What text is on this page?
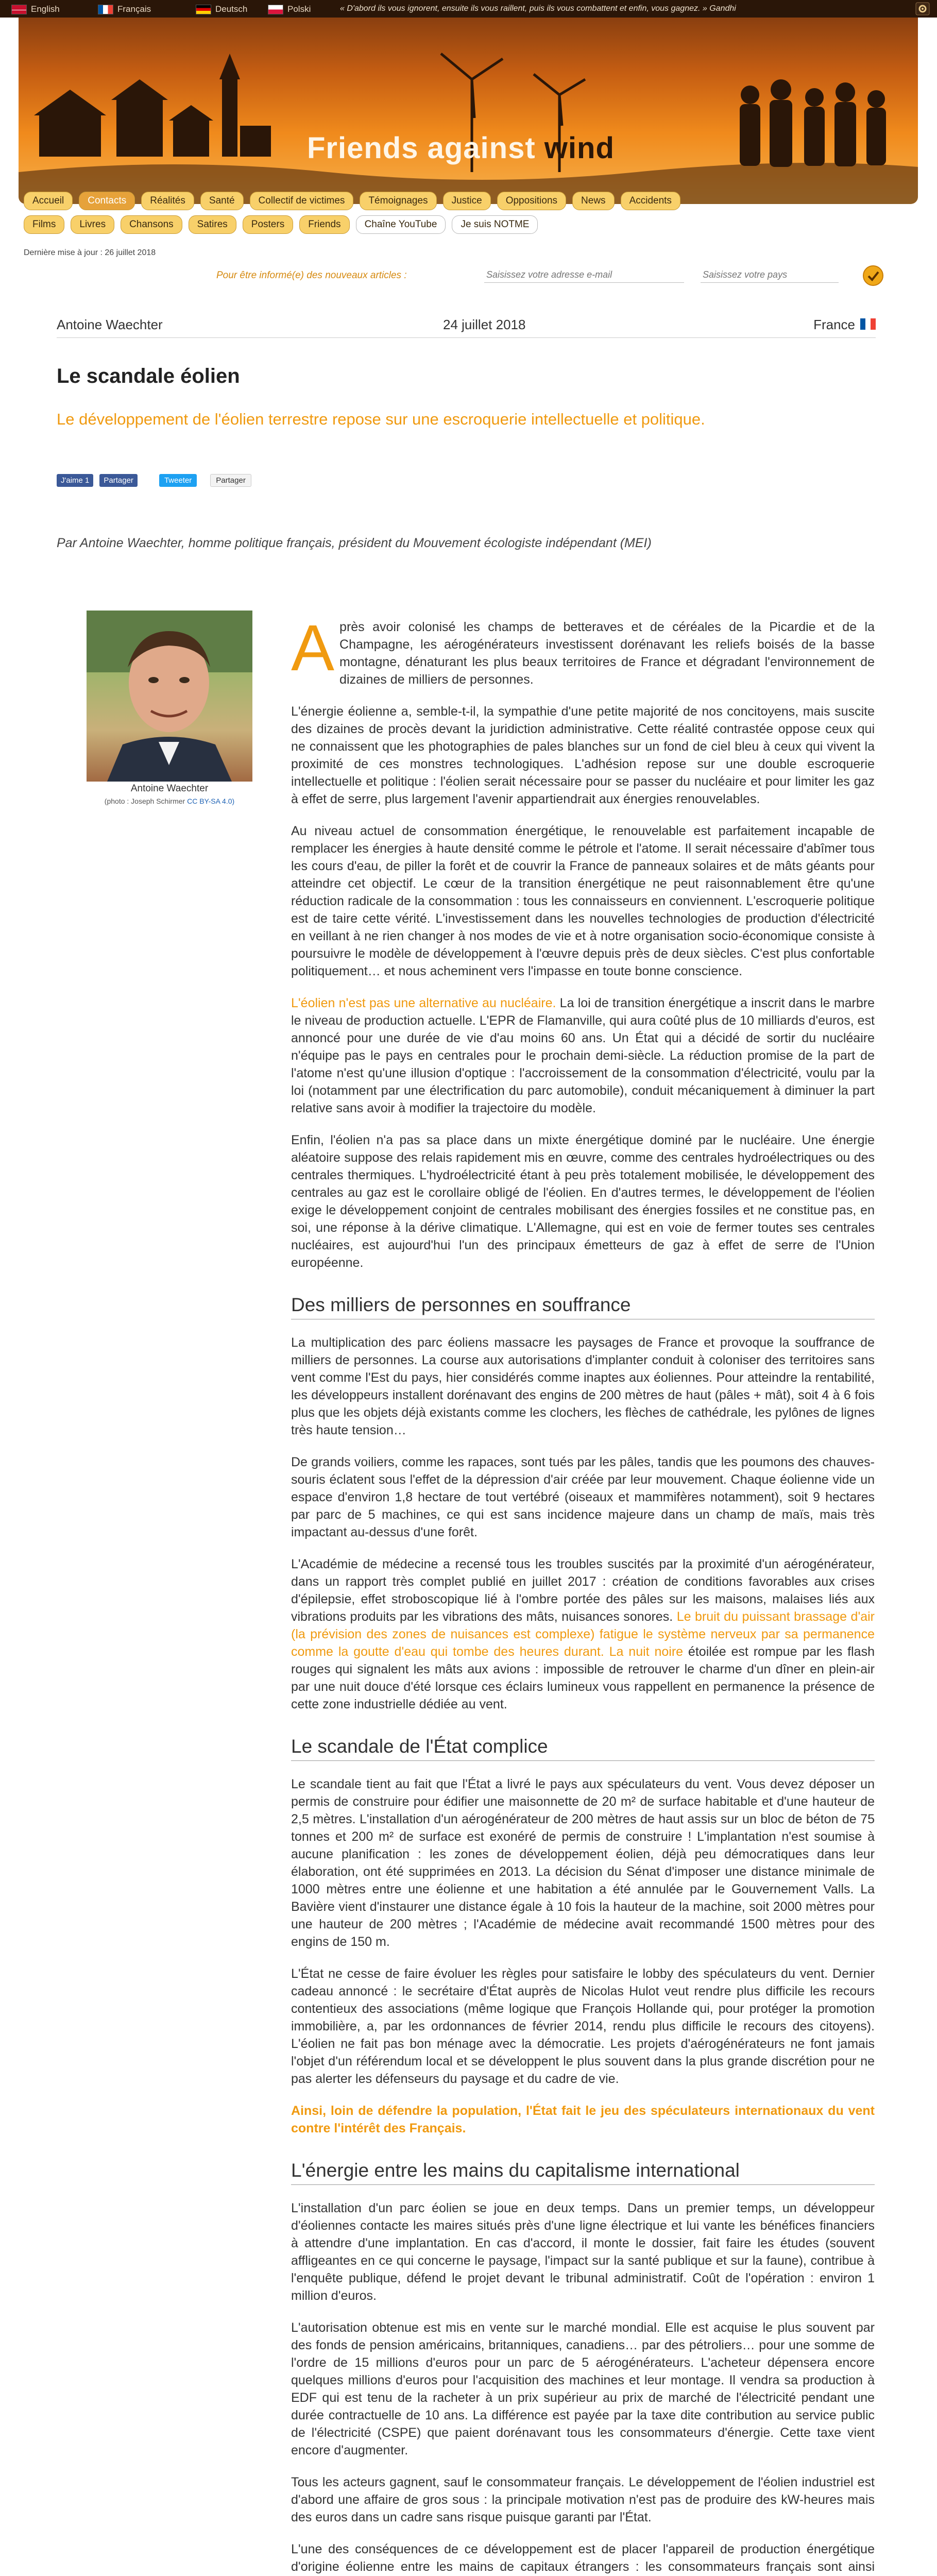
English	Français	Deutsch	Polski	« D'abord ils vous ignorent, ensuite ils vous raillent, puis ils vous combattent et enfin, vous gagnez. » Gandhi
Friends against wind
Accueil	Contacts	Réalités	Santé	Collectif de victimes	Témoignages	Justice	Oppositions	News	Accidents
Films	Livres	Chansons	Satires	Posters	Friends	Chaîne YouTube	Je suis NOTME
Dernière mise à jour : 26 juillet 2018
Pour être informé(e) des nouveaux articles :
Saisissez votre adresse e-mail
Saisissez votre pays
Antoine Waechter	24 juillet 2018	France
Le scandale éolien

Le développement de l'éolien terrestre repose sur une escroquerie intellectuelle et politique.

J'aime 1	Partager	Tweeter	Partager
Par Antoine Waechter, homme politique français, président du Mouvement écologiste indépendant (MEI)
Antoine Waechter
(photo : Joseph Schirmer CC BY-SA 4.0)

Après avoir colonisé les champs de betteraves et de céréales de la Picardie et de la Champagne, les aérogénérateurs investissent dorénavant les reliefs boisés de la basse montagne, dénaturant les plus beaux territoires de France et dégradant l'environnement de dizaines de milliers de personnes.

L'énergie éolienne a, semble-t-il, la sympathie d'une petite majorité de nos concitoyens, mais suscite des dizaines de procès devant la juridiction administrative. Cette réalité contrastée oppose ceux qui ne connaissent que les photographies de pales blanches sur un fond de ciel bleu à ceux qui vivent la proximité de ces monstres technologiques. L'adhésion repose sur une double escroquerie intellectuelle et politique : l'éolien serait nécessaire pour se passer du nucléaire et pour limiter les gaz à effet de serre, plus largement l'avenir appartiendrait aux énergies renouvelables.

Au niveau actuel de consommation énergétique, le renouvelable est parfaitement incapable de remplacer les énergies à haute densité comme le pétrole et l'atome. Il serait nécessaire d'abîmer tous les cours d'eau, de piller la forêt et de couvrir la France de panneaux solaires et de mâts géants pour atteindre cet objectif. Le cœur de la transition énergétique ne peut raisonnablement être qu'une réduction radicale de la consommation : tous les connaisseurs en conviennent. L'escroquerie politique est de taire cette vérité. L'investissement dans les nouvelles technologies de production d'électricité en veillant à ne rien changer à nos modes de vie et à notre organisation socio-économique consiste à poursuivre le modèle de développement à l'œuvre depuis près de deux siècles. C'est plus confortable politiquement… et nous acheminent vers l'impasse en toute bonne conscience.

L'éolien n'est pas une alternative au nucléaire. La loi de transition énergétique a inscrit dans le marbre le niveau de production actuelle. L'EPR de Flamanville, qui aura coûté plus de 10 milliards d'euros, est annoncé pour une durée de vie d'au moins 60 ans. Un État qui a décidé de sortir du nucléaire n'équipe pas le pays en centrales pour le prochain demi-siècle. La réduction promise de la part de l'atome n'est qu'une illusion d'optique : l'accroissement de la consommation d'électricité, voulu par la loi (notamment par une électrification du parc automobile), conduit mécaniquement à diminuer la part relative sans avoir à modifier la trajectoire du modèle.

Enfin, l'éolien n'a pas sa place dans un mixte énergétique dominé par le nucléaire. Une énergie aléatoire suppose des relais rapidement mis en œuvre, comme des centrales hydroélectriques ou des centrales thermiques. L'hydroélectricité étant à peu près totalement mobilisée, le développement des centrales au gaz est le corollaire obligé de l'éolien. En d'autres termes, le développement de l'éolien exige le développement conjoint de centrales mobilisant des énergies fossiles et ne constitue pas, en soi, une réponse à la dérive climatique. L'Allemagne, qui est en voie de fermer toutes ses centrales nucléaires, est aujourd'hui l'un des principaux émetteurs de gaz à effet de serre de l'Union européenne.

Des milliers de personnes en souffrance

La multiplication des parc éoliens massacre les paysages de France et provoque la souffrance de milliers de personnes. La course aux autorisations d'implanter conduit à coloniser des territoires sans vent comme l'Est du pays, hier considérés comme inaptes aux éoliennes. Pour atteindre la rentabilité, les développeurs installent dorénavant des engins de 200 mètres de haut (pâles + mât), soit 4 à 6 fois plus que les objets déjà existants comme les clochers, les flèches de cathédrale, les pylônes de lignes très haute tension…

De grands voiliers, comme les rapaces, sont tués par les pâles, tandis que les poumons des chauves-souris éclatent sous l'effet de la dépression d'air créée par leur mouvement. Chaque éolienne vide un espace d'environ 1,8 hectare de tout vertébré (oiseaux et mammifères notamment), soit 9 hectares par parc de 5 machines, ce qui est sans incidence majeure dans un champ de maïs, mais très impactant au-dessus d'une forêt.

L'Académie de médecine a recensé tous les troubles suscités par la proximité d'un aérogénérateur, dans un rapport très complet publié en juillet 2017 : création de conditions favorables aux crises d'épilepsie, effet stroboscopique lié à l'ombre portée des pâles sur les maisons, malaises liés aux vibrations produits par les vibrations des mâts, nuisances sonores. Le bruit du puissant brassage d'air (la prévision des zones de nuisances est complexe) fatigue le système nerveux par sa permanence comme la goutte d'eau qui tombe des heures durant. La nuit noire étoilée est rompue par les flash rouges qui signalent les mâts aux avions : impossible de retrouver le charme d'un dîner en plein-air par une nuit douce d'été lorsque ces éclairs lumineux vous rappellent en permanence la présence de cette zone industrielle dédiée au vent.

Le scandale de l'État complice

Le scandale tient au fait que l'État a livré le pays aux spéculateurs du vent. Vous devez déposer un permis de construire pour édifier une maisonnette de 20 m² de surface habitable et d'une hauteur de 2,5 mètres. L'installation d'un aérogénérateur de 200 mètres de haut assis sur un bloc de béton de 75 tonnes et 200 m² de surface est exonéré de permis de construire ! L'implantation n'est soumise à aucune planification : les zones de développement éolien, déjà peu démocratiques dans leur élaboration, ont été supprimées en 2013. La décision du Sénat d'imposer une distance minimale de 1000 mètres entre une éolienne et une habitation a été annulée par le Gouvernement Valls. La Bavière vient d'instaurer une distance égale à 10 fois la hauteur de la machine, soit 2000 mètres pour une hauteur de 200 mètres ; l'Académie de médecine avait recommandé 1500 mètres pour des engins de 150 m.

L'État ne cesse de faire évoluer les règles pour satisfaire le lobby des spéculateurs du vent. Dernier cadeau annoncé : le secrétaire d'État auprès de Nicolas Hulot veut rendre plus difficile les recours contentieux des associations (même logique que François Hollande qui, pour protéger la promotion immobilière, a, par les ordonnances de février 2014, rendu plus difficile le recours des citoyens). L'éolien ne fait pas bon ménage avec la démocratie. Les projets d'aérogénérateurs ne font jamais l'objet d'un référendum local et se développent le plus souvent dans la plus grande discrétion pour ne pas alerter les défenseurs du paysage et du cadre de vie.

Ainsi, loin de défendre la population, l'État fait le jeu des spéculateurs internationaux du vent contre l'intérêt des Français.

L'énergie entre les mains du capitalisme international

L'installation d'un parc éolien se joue en deux temps. Dans un premier temps, un développeur d'éoliennes contacte les maires situés près d'une ligne électrique et lui vante les bénéfices financiers à attendre d'une implantation. En cas d'accord, il monte le dossier, fait faire les études (souvent affligeantes en ce qui concerne le paysage, l'impact sur la santé publique et sur la faune), contribue à l'enquête publique, défend le projet devant le tribunal administratif. Coût de l'opération : environ 1 million d'euros.

L'autorisation obtenue est mis en vente sur le marché mondial. Elle est acquise le plus souvent par des fonds de pension américains, britanniques, canadiens… par des pétroliers… pour une somme de l'ordre de 15 millions d'euros pour un parc de 5 aérogénérateurs. L'acheteur dépensera encore quelques millions d'euros pour l'acquisition des machines et leur montage. Il vendra sa production à EDF qui est tenu de la racheter à un prix supérieur au prix de marché de l'électricité pendant une durée contractuelle de 10 ans. La différence est payée par la taxe dite contribution au service public de l'électricité (CSPE) que paient dorénavant tous les consommateurs d'énergie. Cette taxe vient encore d'augmenter.

Tous les acteurs gagnent, sauf le consommateur français. Le développement de l'éolien industriel est d'abord une affaire de gros sous : la principale motivation n'est pas de produire des kW-heures mais des euros dans un cadre sans risque puisque garanti par l'État.

L'une des conséquences de ce développement est de placer l'appareil de production énergétique d'origine éolienne entre les mains de capitaux étrangers : les consommateurs français sont ainsi
